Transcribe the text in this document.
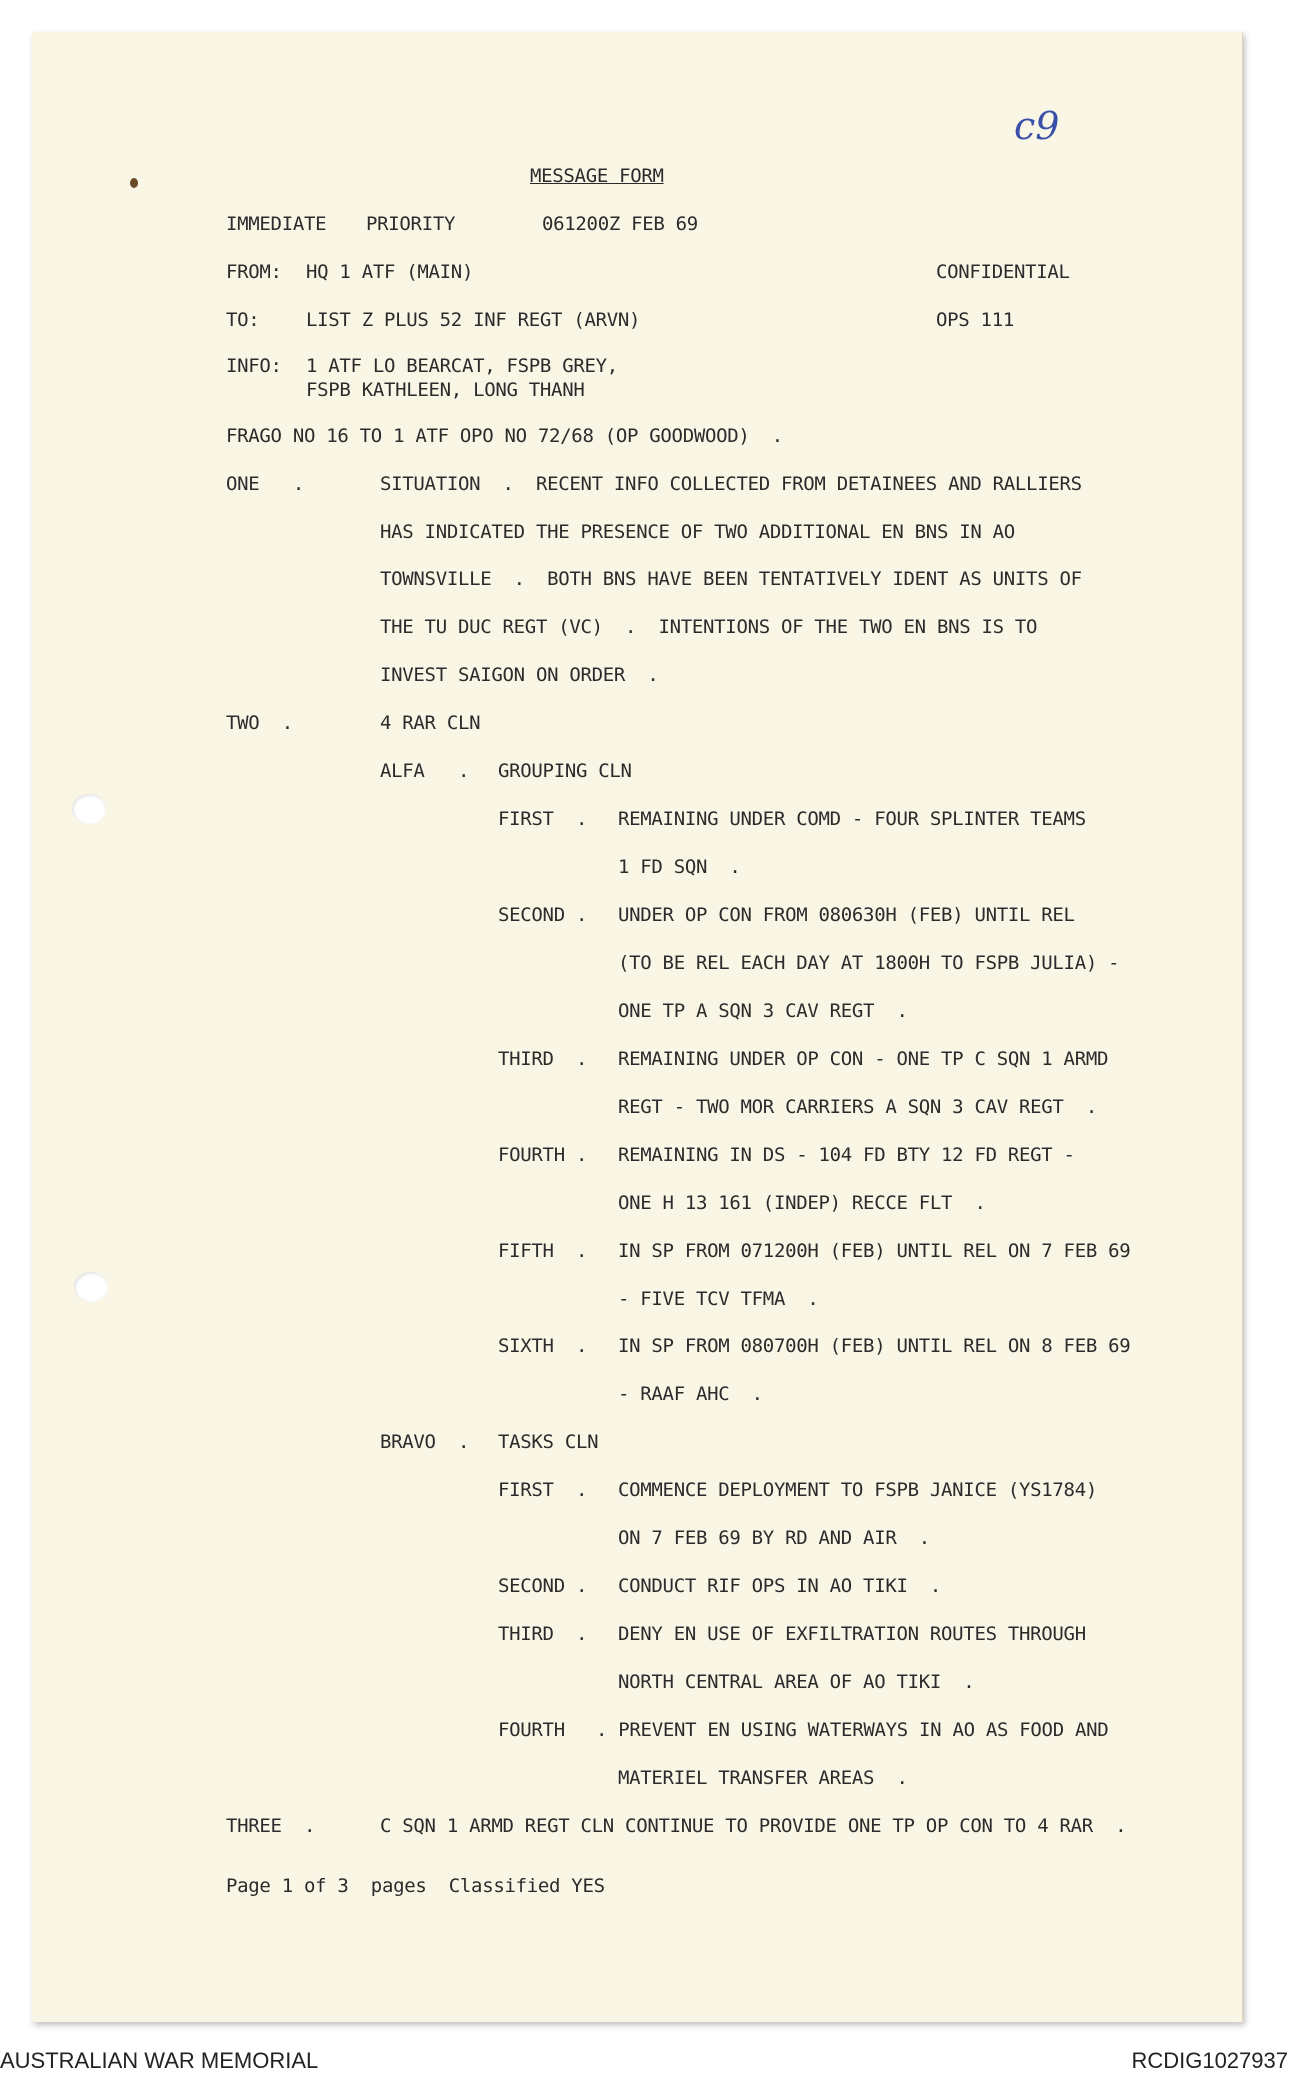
c9
MESSAGE FORM
IMMEDIATE PRIORITY	061200Z FEB 69
FROM: HQ 1 ATF (MAIN)	CONFIDENTIAL
TO: LIST Z PLUS 52 INF REGT (ARVN)	OPS 111
INFO: 1 ATF LO BEARCAT, FSPB GREY,
FSPB KATHLEEN, LONG THANH
FRAGO NO 16 TO 1 ATF OPO NO 72/68 (OP GOODWOOD)  .
ONE   .	SITUATION  .  RECENT INFO COLLECTED FROM DETAINEES AND RALLIERS
HAS INDICATED THE PRESENCE OF TWO ADDITIONAL EN BNS IN AO
TOWNSVILLE  .  BOTH BNS HAVE BEEN TENTATIVELY IDENT AS UNITS OF
THE TU DUC REGT (VC)  .  INTENTIONS OF THE TWO EN BNS IS TO
INVEST SAIGON ON ORDER  .
TWO  .	4 RAR CLN
ALFA   . GROUPING CLN
FIRST  . REMAINING UNDER COMD - FOUR SPLINTER TEAMS
1 FD SQN  .
SECOND . UNDER OP CON FROM 080630H (FEB) UNTIL REL
(TO BE REL EACH DAY AT 1800H TO FSPB JULIA) -
ONE TP A SQN 3 CAV REGT  .
THIRD  . REMAINING UNDER OP CON - ONE TP C SQN 1 ARMD
REGT - TWO MOR CARRIERS A SQN 3 CAV REGT  .
FOURTH . REMAINING IN DS - 104 FD BTY 12 FD REGT -
ONE H 13 161 (INDEP) RECCE FLT  .
FIFTH  . IN SP FROM 071200H (FEB) UNTIL REL ON 7 FEB 69
- FIVE TCV TFMA  .
SIXTH  . IN SP FROM 080700H (FEB) UNTIL REL ON 8 FEB 69
- RAAF AHC  .
BRAVO  . TASKS CLN
FIRST  . COMMENCE DEPLOYMENT TO FSPB JANICE (YS1784)
ON 7 FEB 69 BY RD AND AIR  .
SECOND . CONDUCT RIF OPS IN AO TIKI  .
THIRD  . DENY EN USE OF EXFILTRATION ROUTES THROUGH
NORTH CENTRAL AREA OF AO TIKI  .
FOURTH . PREVENT EN USING WATERWAYS IN AO AS FOOD AND
MATERIEL TRANSFER AREAS  .
THREE  .	C SQN 1 ARMD REGT CLN CONTINUE TO PROVIDE ONE TP OP CON TO 4 RAR  .
Page 1 of 3  pages  Classified YES
AUSTRALIAN WAR MEMORIAL	RCDIG1027937
